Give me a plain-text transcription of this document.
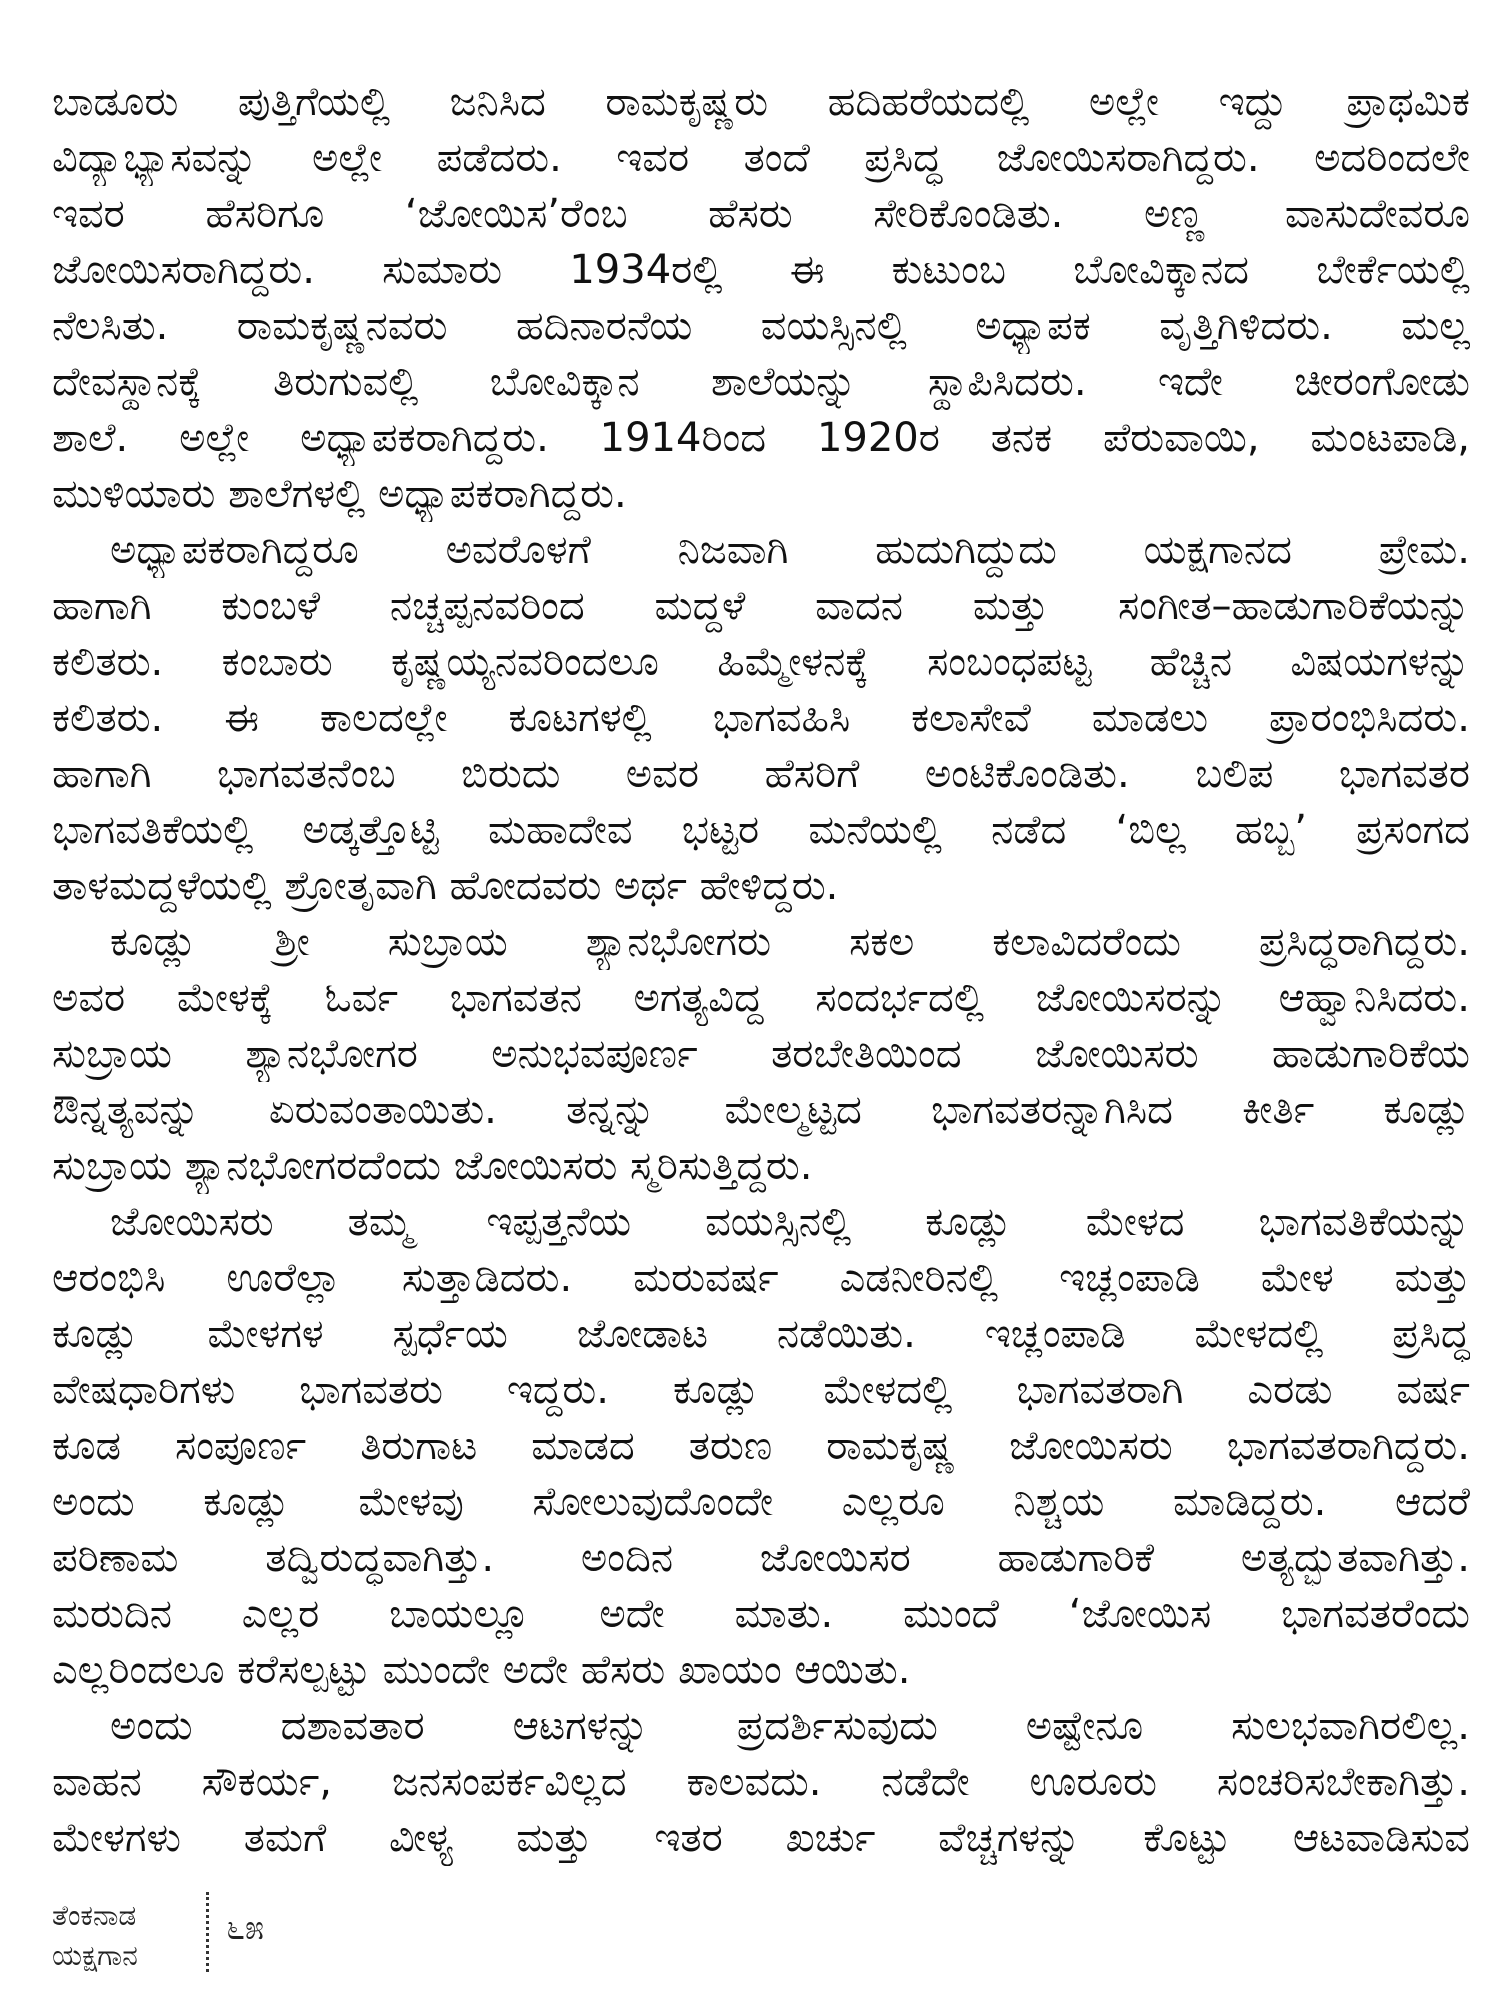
ಬಾಡೂರು ಪುತ್ತಿಗೆಯಲ್ಲಿ ಜನಿಸಿದ ರಾಮಕೃಷ್ಣರು ಹದಿಹರೆಯದಲ್ಲಿ ಅಲ್ಲೇ ಇದ್ದು ಪ್ರಾಥಮಿಕ
ವಿದ್ಯಾಭ್ಯಾಸವನ್ನು ಅಲ್ಲೇ ಪಡೆದರು. ಇವರ ತಂದೆ ಪ್ರಸಿದ್ಧ ಜೋಯಿಸರಾಗಿದ್ದರು. ಅದರಿಂದಲೇ
ಇವರ ಹೆಸರಿಗೂ ‘ಜೋಯಿಸ’ರೆಂಬ ಹೆಸರು ಸೇರಿಕೊಂಡಿತು. ಅಣ್ಣ ವಾಸುದೇವರೂ
ಜೋಯಿಸರಾಗಿದ್ದರು. ಸುಮಾರು 1934ರಲ್ಲಿ ಈ ಕುಟುಂಬ ಬೋವಿಕ್ಕಾನದ ಬೇರ್ಕೆಯಲ್ಲಿ
ನೆಲಸಿತು. ರಾಮಕೃಷ್ಣನವರು ಹದಿನಾರನೆಯ ವಯಸ್ಸಿನಲ್ಲಿ ಅಧ್ಯಾಪಕ ವೃತ್ತಿಗಿಳಿದರು. ಮಲ್ಲ
ದೇವಸ್ಥಾನಕ್ಕೆ ತಿರುಗುವಲ್ಲಿ ಬೋವಿಕ್ಕಾನ ಶಾಲೆಯನ್ನು ಸ್ಥಾಪಿಸಿದರು. ಇದೇ ಚೀರಂಗೋಡು
ಶಾಲೆ. ಅಲ್ಲೇ ಅಧ್ಯಾಪಕರಾಗಿದ್ದರು. 1914ರಿಂದ 1920ರ ತನಕ ಪೆರುವಾಯಿ, ಮಂಟಪಾಡಿ,
ಮುಳಿಯಾರು ಶಾಲೆಗಳಲ್ಲಿ ಅಧ್ಯಾಪಕರಾಗಿದ್ದರು.
ಅಧ್ಯಾಪಕರಾಗಿದ್ದರೂ ಅವರೊಳಗೆ ನಿಜವಾಗಿ ಹುದುಗಿದ್ದುದು ಯಕ್ಷಗಾನದ ಪ್ರೇಮ.
ಹಾಗಾಗಿ ಕುಂಬಳೆ ನಚ್ಚಪ್ಪನವರಿಂದ ಮದ್ದಳೆ ವಾದನ ಮತ್ತು ಸಂಗೀತ–ಹಾಡುಗಾರಿಕೆಯನ್ನು
ಕಲಿತರು. ಕಂಬಾರು ಕೃಷ್ಣಯ್ಯನವರಿಂದಲೂ ಹಿಮ್ಮೇಳನಕ್ಕೆ ಸಂಬಂಧಪಟ್ಟ ಹೆಚ್ಚಿನ ವಿಷಯಗಳನ್ನು
ಕಲಿತರು. ಈ ಕಾಲದಲ್ಲೇ ಕೂಟಗಳಲ್ಲಿ ಭಾಗವಹಿಸಿ ಕಲಾಸೇವೆ ಮಾಡಲು ಪ್ರಾರಂಭಿಸಿದರು.
ಹಾಗಾಗಿ ಭಾಗವತನೆಂಬ ಬಿರುದು ಅವರ ಹೆಸರಿಗೆ ಅಂಟಿಕೊಂಡಿತು. ಬಲಿಪ ಭಾಗವತರ
ಭಾಗವತಿಕೆಯಲ್ಲಿ ಅಡ್ಕತ್ತೊಟ್ಟಿ ಮಹಾದೇವ ಭಟ್ಟರ ಮನೆಯಲ್ಲಿ ನಡೆದ ‘ಬಿಲ್ಲ ಹಬ್ಬ’ ಪ್ರಸಂಗದ
ತಾಳಮದ್ದಳೆಯಲ್ಲಿ ಶ್ರೋತೃವಾಗಿ ಹೋದವರು ಅರ್ಥ ಹೇಳಿದ್ದರು.
ಕೂಡ್ಲು ಶ್ರೀ ಸುಬ್ರಾಯ ಶ್ಯಾನಭೋಗರು ಸಕಲ ಕಲಾವಿದರೆಂದು ಪ್ರಸಿದ್ಧರಾಗಿದ್ದರು.
ಅವರ ಮೇಳಕ್ಕೆ ಓರ್ವ ಭಾಗವತನ ಅಗತ್ಯವಿದ್ದ ಸಂದರ್ಭದಲ್ಲಿ ಜೋಯಿಸರನ್ನು ಆಹ್ವಾನಿಸಿದರು.
ಸುಬ್ರಾಯ ಶ್ಯಾನಭೋಗರ ಅನುಭವಪೂರ್ಣ ತರಬೇತಿಯಿಂದ ಜೋಯಿಸರು ಹಾಡುಗಾರಿಕೆಯ
ಔನ್ನತ್ಯವನ್ನು ಏರುವಂತಾಯಿತು. ತನ್ನನ್ನು ಮೇಲ್ಮಟ್ಟದ ಭಾಗವತರನ್ನಾಗಿಸಿದ ಕೀರ್ತಿ ಕೂಡ್ಲು
ಸುಬ್ರಾಯ ಶ್ಯಾನಭೋಗರದೆಂದು ಜೋಯಿಸರು ಸ್ಮರಿಸುತ್ತಿದ್ದರು.
ಜೋಯಿಸರು ತಮ್ಮ ಇಪ್ಪತ್ತನೆಯ ವಯಸ್ಸಿನಲ್ಲಿ ಕೂಡ್ಲು ಮೇಳದ ಭಾಗವತಿಕೆಯನ್ನು
ಆರಂಭಿಸಿ ಊರೆಲ್ಲಾ ಸುತ್ತಾಡಿದರು. ಮರುವರ್ಷ ಎಡನೀರಿನಲ್ಲಿ ಇಚ್ಲಂಪಾಡಿ ಮೇಳ ಮತ್ತು
ಕೂಡ್ಲು ಮೇಳಗಳ ಸ್ಪರ್ಧೆಯ ಜೋಡಾಟ ನಡೆಯಿತು. ಇಚ್ಲಂಪಾಡಿ ಮೇಳದಲ್ಲಿ ಪ್ರಸಿದ್ಧ
ವೇಷಧಾರಿಗಳು ಭಾಗವತರು ಇದ್ದರು. ಕೂಡ್ಲು ಮೇಳದಲ್ಲಿ ಭಾಗವತರಾಗಿ ಎರಡು ವರ್ಷ
ಕೂಡ ಸಂಪೂರ್ಣ ತಿರುಗಾಟ ಮಾಡದ ತರುಣ ರಾಮಕೃಷ್ಣ ಜೋಯಿಸರು ಭಾಗವತರಾಗಿದ್ದರು.
ಅಂದು ಕೂಡ್ಲು ಮೇಳವು ಸೋಲುವುದೊಂದೇ ಎಲ್ಲರೂ ನಿಶ್ಚಯ ಮಾಡಿದ್ದರು. ಆದರೆ
ಪರಿಣಾಮ ತದ್ವಿರುದ್ಧವಾಗಿತ್ತು. ಅಂದಿನ ಜೋಯಿಸರ ಹಾಡುಗಾರಿಕೆ ಅತ್ಯದ್ಭುತವಾಗಿತ್ತು.
ಮರುದಿನ ಎಲ್ಲರ ಬಾಯಲ್ಲೂ ಅದೇ ಮಾತು. ಮುಂದೆ ‘ಜೋಯಿಸ ಭಾಗವತರೆಂದು
ಎಲ್ಲರಿಂದಲೂ ಕರೆಸಲ್ಪಟ್ಟು ಮುಂದೇ ಅದೇ ಹೆಸರು ಖಾಯಂ ಆಯಿತು.
ಅಂದು ದಶಾವತಾರ ಆಟಗಳನ್ನು ಪ್ರದರ್ಶಿಸುವುದು ಅಷ್ಟೇನೂ ಸುಲಭವಾಗಿರಲಿಲ್ಲ.
ವಾಹನ ಸೌಕರ್ಯ, ಜನಸಂಪರ್ಕವಿಲ್ಲದ ಕಾಲವದು. ನಡೆದೇ ಊರೂರು ಸಂಚರಿಸಬೇಕಾಗಿತ್ತು.
ಮೇಳಗಳು ತಮಗೆ ವೀಳ್ಯ ಮತ್ತು ಇತರ ಖರ್ಚು ವೆಚ್ಚಗಳನ್ನು ಕೊಟ್ಟು ಆಟವಾಡಿಸುವ
ತೆಂಕನಾಡ
ಯಕ್ಷಗಾನ
೬೫
